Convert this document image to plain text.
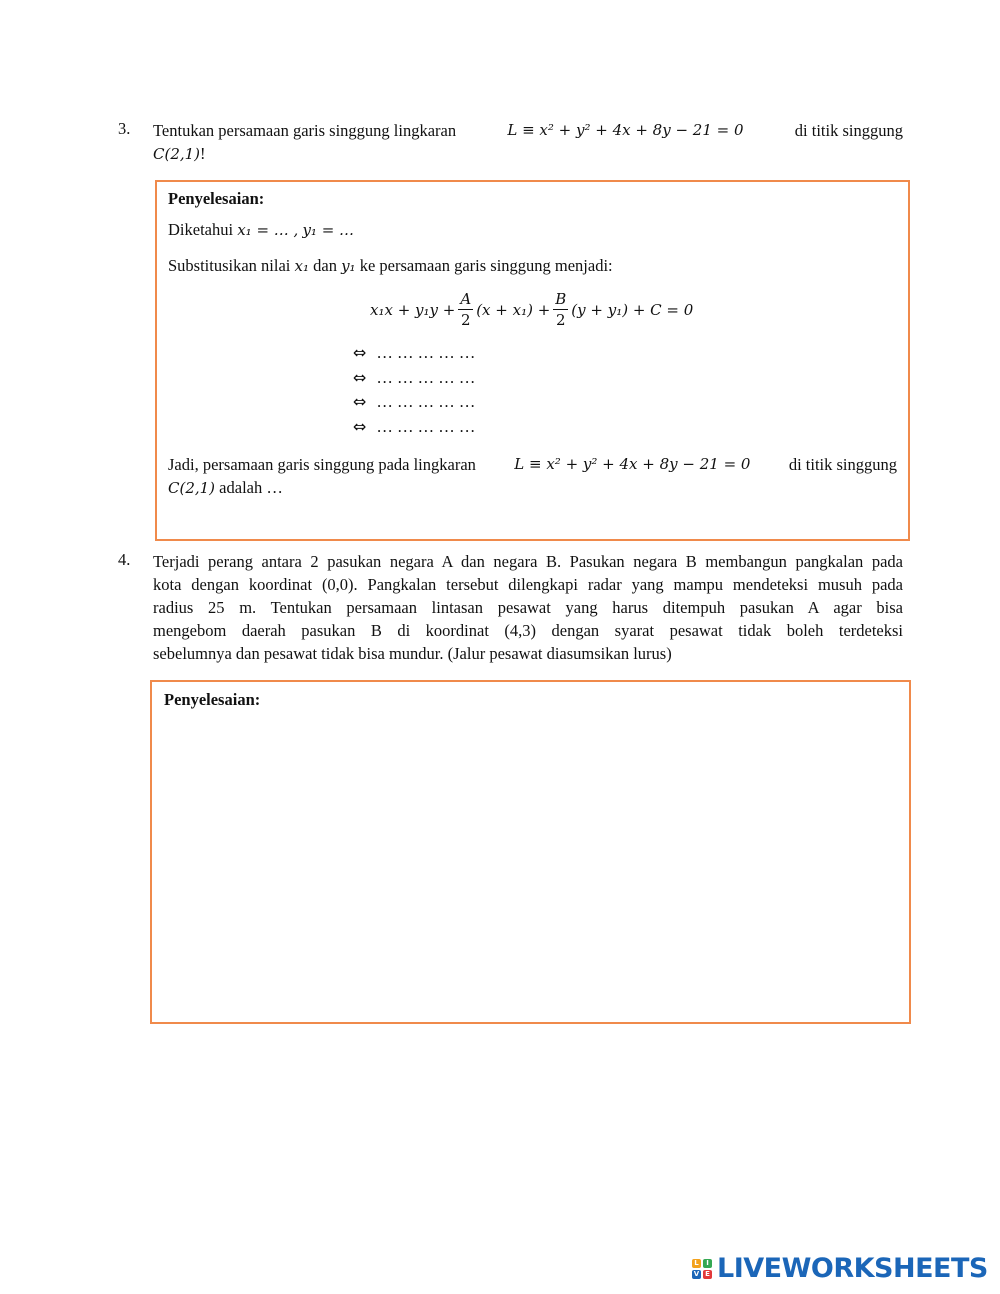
3. Tentukan persamaan garis singgung lingkaran	L ≡ x² + y² + 4x + 8y − 21 = 0	di titik singgung
C(2,1)!
Penyelesaian:
Diketahui x₁ = … , y₁ = …
Substitusikan nilai x₁ dan y₁ ke persamaan garis singgung menjadi:
$x_1x + y_1y + \frac{A}{2} (x + x_1) + \frac{B}{2} (y + y_1) + C = 0$
⇔ … … … … …
⇔ … … … … …
⇔ … … … … …
⇔ … … … … …
Jadi, persamaan garis singgung pada lingkaran	L ≡ x² + y² + 4x + 8y − 21 = 0 di titik singgung
C(2,1) adalah …
4. Terjadi perang antara 2 pasukan negara A dan negara B. Pasukan negara B membangun pangkalan pada
kota dengan koordinat (0,0). Pangkalan tersebut dilengkapi radar yang mampu mendeteksi musuh pada
radius 25 m. Tentukan persamaan lintasan pesawat yang harus ditempuh pasukan A agar bisa
mengebom daerah pasukan B di koordinat (4,3) dengan syarat pesawat tidak boleh terdeteksi
sebelumnya dan pesawat tidak bisa mundur. (Jalur pesawat diasumsikan lurus)
Penyelesaian:
L	I
V E LIVEWORKSHEETS
